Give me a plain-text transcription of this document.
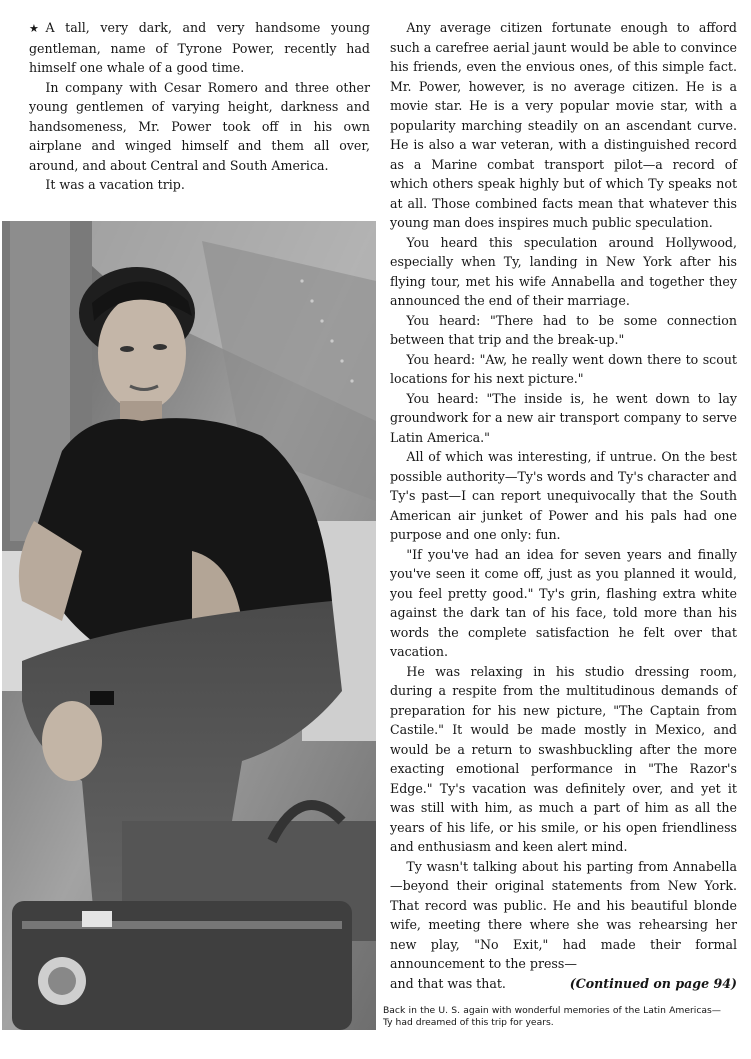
★A tall, very dark, and very handsome young gentleman, name of Tyrone Power, recently had himself one whale of a good time.

In company with Cesar Romero and three other young gentlemen of varying height, darkness and handsomeness, Mr. Power took off in his own airplane and winged himself and them all over, around, and about Central and South America.

It was a vacation trip.

Any average citizen fortunate enough to afford such a carefree aerial jaunt would be able to convince his friends, even the envious ones, of this simple fact. Mr. Power, however, is no average citizen. He is a movie star. He is a very popular movie star, with a popularity marching steadily on an ascendant curve. He is also a war veteran, with a distinguished record as a Marine combat transport pilot—a record of which others speak highly but of which Ty speaks not at all. Those combined facts mean that whatever this young man does inspires much public speculation.

You heard this speculation around Hollywood, especially when Ty, landing in New York after his flying tour, met his wife Annabella and together they announced the end of their marriage.

You heard: "There had to be some connection between that trip and the break-up."

You heard: "Aw, he really went down there to scout locations for his next picture."

You heard: "The inside is, he went down to lay groundwork for a new air transport company to serve Latin America."

All of which was interesting, if untrue. On the best possible authority—Ty's words and Ty's character and Ty's past—I can report unequivocally that the South American air junket of Power and his pals had one purpose and one only: fun.

"If you've had an idea for seven years and finally you've seen it come off, just as you planned it would, you feel pretty good." Ty's grin, flashing extra white against the dark tan of his face, told more than his words the complete satisfaction he felt over that vacation.

He was relaxing in his studio dressing room, during a respite from the multitudinous demands of preparation for his new picture, "The Captain from Castile." It would be made mostly in Mexico, and would be a return to swashbuckling after the more exacting emotional performance in "The Razor's Edge." Ty's vacation was definitely over, and yet it was still with him, as much a part of him as all the years of his life, or his smile, or his open friendliness and enthusiasm and keen alert mind.

Ty wasn't talking about his parting from Annabella—beyond their original statements from New York. That record was public. He and his beautiful blonde wife, meeting there where she was rehearsing her new play, "No Exit," had made their formal announcement to the press—

and that was that.	(Continued on page 94)
Back in the U. S. again with wonderful memories of the Latin Americas—Ty had dreamed of this trip for years.
